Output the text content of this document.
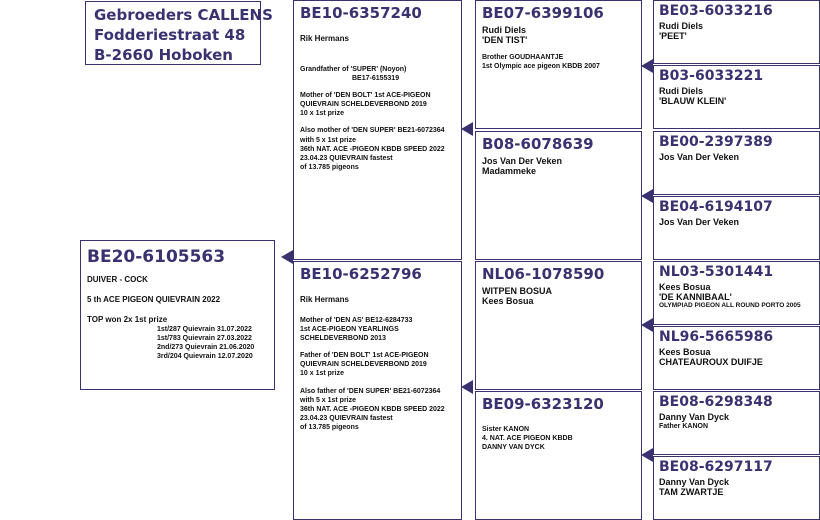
Gebroeders CALLENS
Fodderiestraat 48
B-2660 Hoboken
BE20-6105563
DUIVER - COCK
5 th ACE PIGEON QUIEVRAIN 2022
TOP won 2x 1st prize
1st/287 Quievrain 31.07.2022
1st/783 Quievrain 27.03.2022
2nd/273 Quievrain 21.06.2020
3rd/204 Quievrain 12.07.2020
BE10-6357240
Rik Hermans
Grandfather of 'SUPER' (Noyon)
BE17-6155319
Mother of 'DEN BOLT' 1st ACE-PIGEON
QUIEVRAIN SCHELDEVERBOND 2019
10 x 1st prize
Also mother of 'DEN SUPER' BE21-6072364
with 5 x 1st prize
36th NAT. ACE -PIGEON KBDB SPEED 2022
23.04.23 QUIEVRAIN fastest
of 13.785 pigeons
BE10-6252796
Rik Hermans
Mother of 'DEN AS' BE12-6284733
1st ACE-PIGEON YEARLINGS
SCHELDEVERBOND 2013
Father of 'DEN BOLT' 1st ACE-PIGEON
QUIEVRAIN SCHELDEVERBOND 2019
10 x 1st prize
Also father of 'DEN SUPER' BE21-6072364
with 5 x 1st prize
36th NAT. ACE -PIGEON KBDB SPEED 2022
23.04.23 QUIEVRAIN fastest
of 13.785 pigeons
BE07-6399106
Rudi Diels
'DEN TIST'
Brother GOUDHAANTJE
1st Olympic ace pigeon KBDB 2007
B08-6078639
Jos Van Der Veken
Madammeke
NL06-1078590
WITPEN BOSUA
Kees Bosua
BE09-6323120
Sister KANON
4. NAT. ACE PIGEON KBDB
DANNY VAN DYCK
BE03-6033216
Rudi Diels
'PEET'
B03-6033221
Rudi Diels
'BLAUW KLEIN'
BE00-2397389
Jos Van Der Veken
BE04-6194107
Jos Van Der Veken
NL03-5301441
Kees Bosua
'DE KANNIBAAL'
OLYMPIAD PIGEON ALL ROUND PORTO 2005
NL96-5665986
Kees Bosua
CHATEAUROUX DUIFJE
BE08-6298348
Danny Van Dyck
Father KANON
BE08-6297117
Danny Van Dyck
TAM ZWARTJE
